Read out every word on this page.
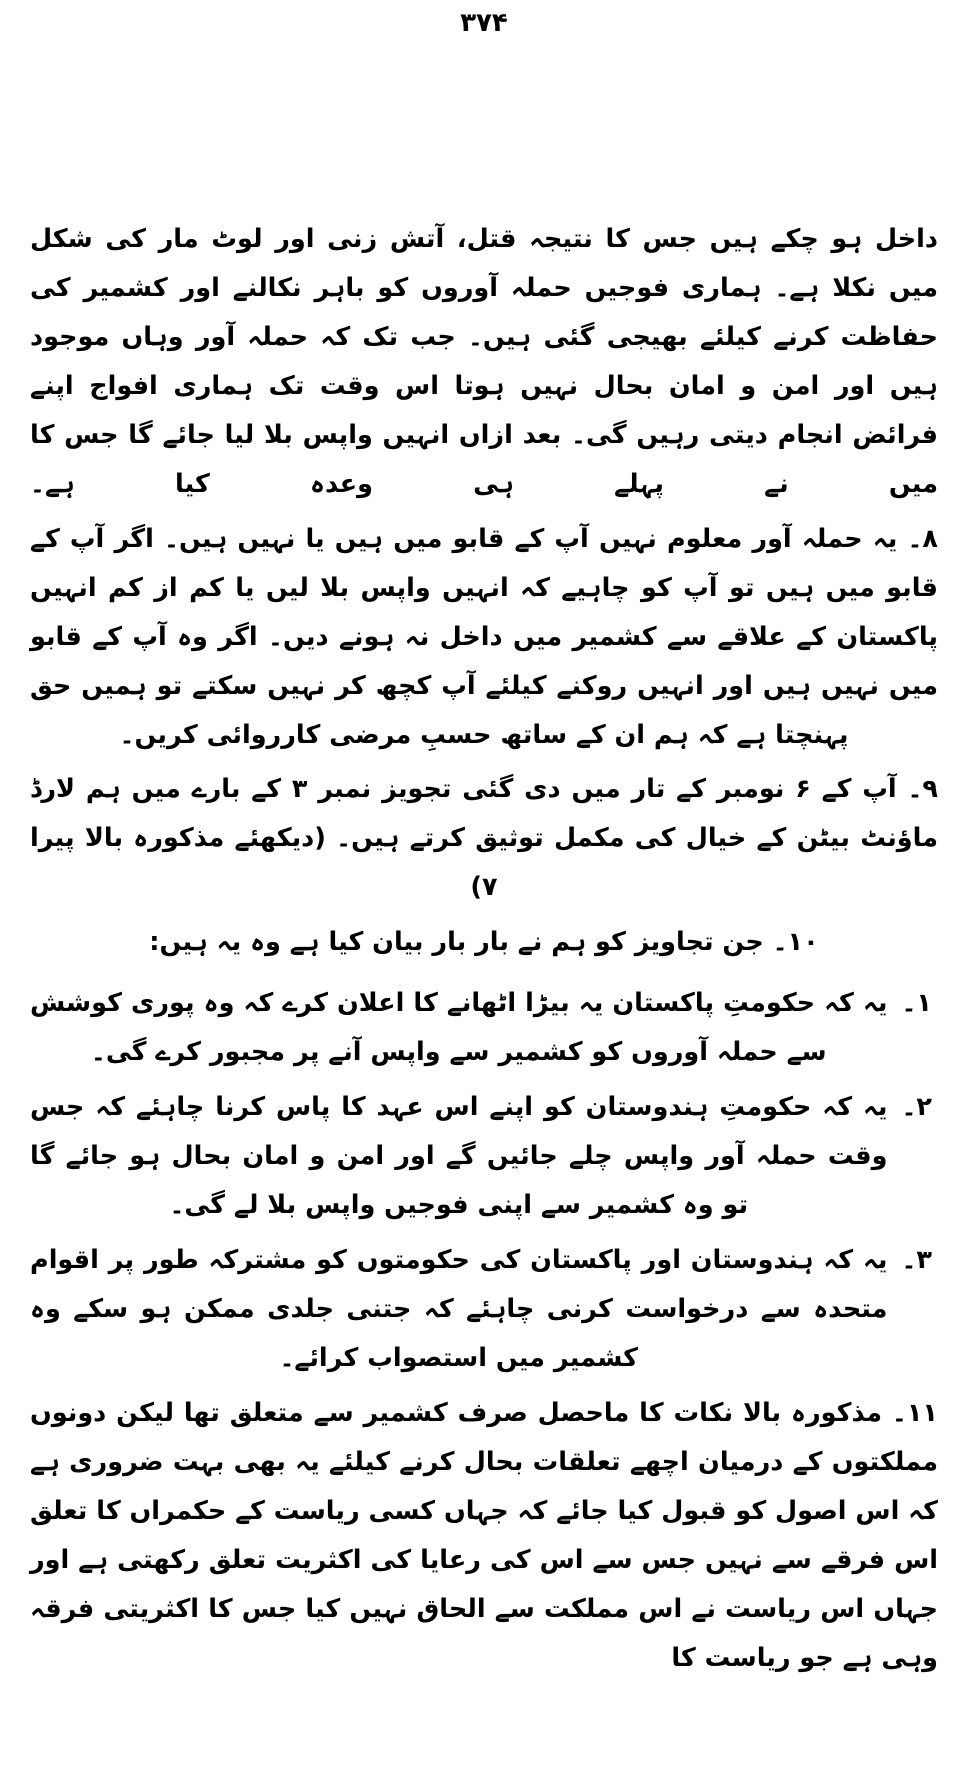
۳۷۴

داخل ہو چکے ہیں جس کا نتیجہ قتل، آتش زنی اور لوٹ مار کی شکل میں نکلا ہے۔ ہماری فوجیں حملہ آوروں کو باہر نکالنے اور کشمیر کی حفاظت کرنے کیلئے بھیجی گئی ہیں۔ جب تک کہ حملہ آور وہاں موجود ہیں اور امن و امان بحال نہیں ہوتا اس وقت تک ہماری افواج اپنے فرائض انجام دیتی رہیں گی۔ بعد ازاں انہیں واپس بلا لیا جائے گا جس کا میں نے پہلے ہی وعدہ کیا ہے۔

۸۔ یہ حملہ آور معلوم نہیں آپ کے قابو میں ہیں یا نہیں ہیں۔ اگر آپ کے قابو میں ہیں تو آپ کو چاہیے کہ انہیں واپس بلا لیں یا کم از کم انہیں پاکستان کے علاقے سے کشمیر میں داخل نہ ہونے دیں۔ اگر وہ آپ کے قابو میں نہیں ہیں اور انہیں روکنے کیلئے آپ کچھ کر نہیں سکتے تو ہمیں حق پہنچتا ہے کہ ہم ان کے ساتھ حسبِ مرضی کارروائی کریں۔

۹۔ آپ کے ۶ نومبر کے تار میں دی گئی تجویز نمبر ۳ کے بارے میں ہم لارڈ ماؤنٹ بیٹن کے خیال کی مکمل توثیق کرتے ہیں۔ (دیکھئے مذکورہ بالا پیرا ۷)

۱۰۔ جن تجاویز کو ہم نے بار بار بیان کیا ہے وہ یہ ہیں:

۱۔
یہ کہ حکومتِ پاکستان یہ بیڑا اٹھانے کا اعلان کرے کہ وہ پوری کوشش سے حملہ آوروں کو کشمیر سے واپس آنے پر مجبور کرے گی۔
۲۔
یہ کہ حکومتِ ہندوستان کو اپنے اس عہد کا پاس کرنا چاہئے کہ جس وقت حملہ آور واپس چلے جائیں گے اور امن و امان بحال ہو جائے گا تو وہ کشمیر سے اپنی فوجیں واپس بلا لے گی۔
۳۔
یہ کہ ہندوستان اور پاکستان کی حکومتوں کو مشترکہ طور پر اقوام متحدہ سے درخواست کرنی چاہئے کہ جتنی جلدی ممکن ہو سکے وہ کشمیر میں استصواب کرائے۔

۱۱۔ مذکورہ بالا نکات کا ماحصل صرف کشمیر سے متعلق تھا لیکن دونوں مملکتوں کے درمیان اچھے تعلقات بحال کرنے کیلئے یہ بھی بہت ضروری ہے کہ اس اصول کو قبول کیا جائے کہ جہاں کسی ریاست کے حکمراں کا تعلق اس فرقے سے نہیں جس سے اس کی رعایا کی اکثریت تعلق رکھتی ہے اور جہاں اس ریاست نے اس مملکت سے الحاق نہیں کیا جس کا اکثریتی فرقہ وہی ہے جو ریاست کا
